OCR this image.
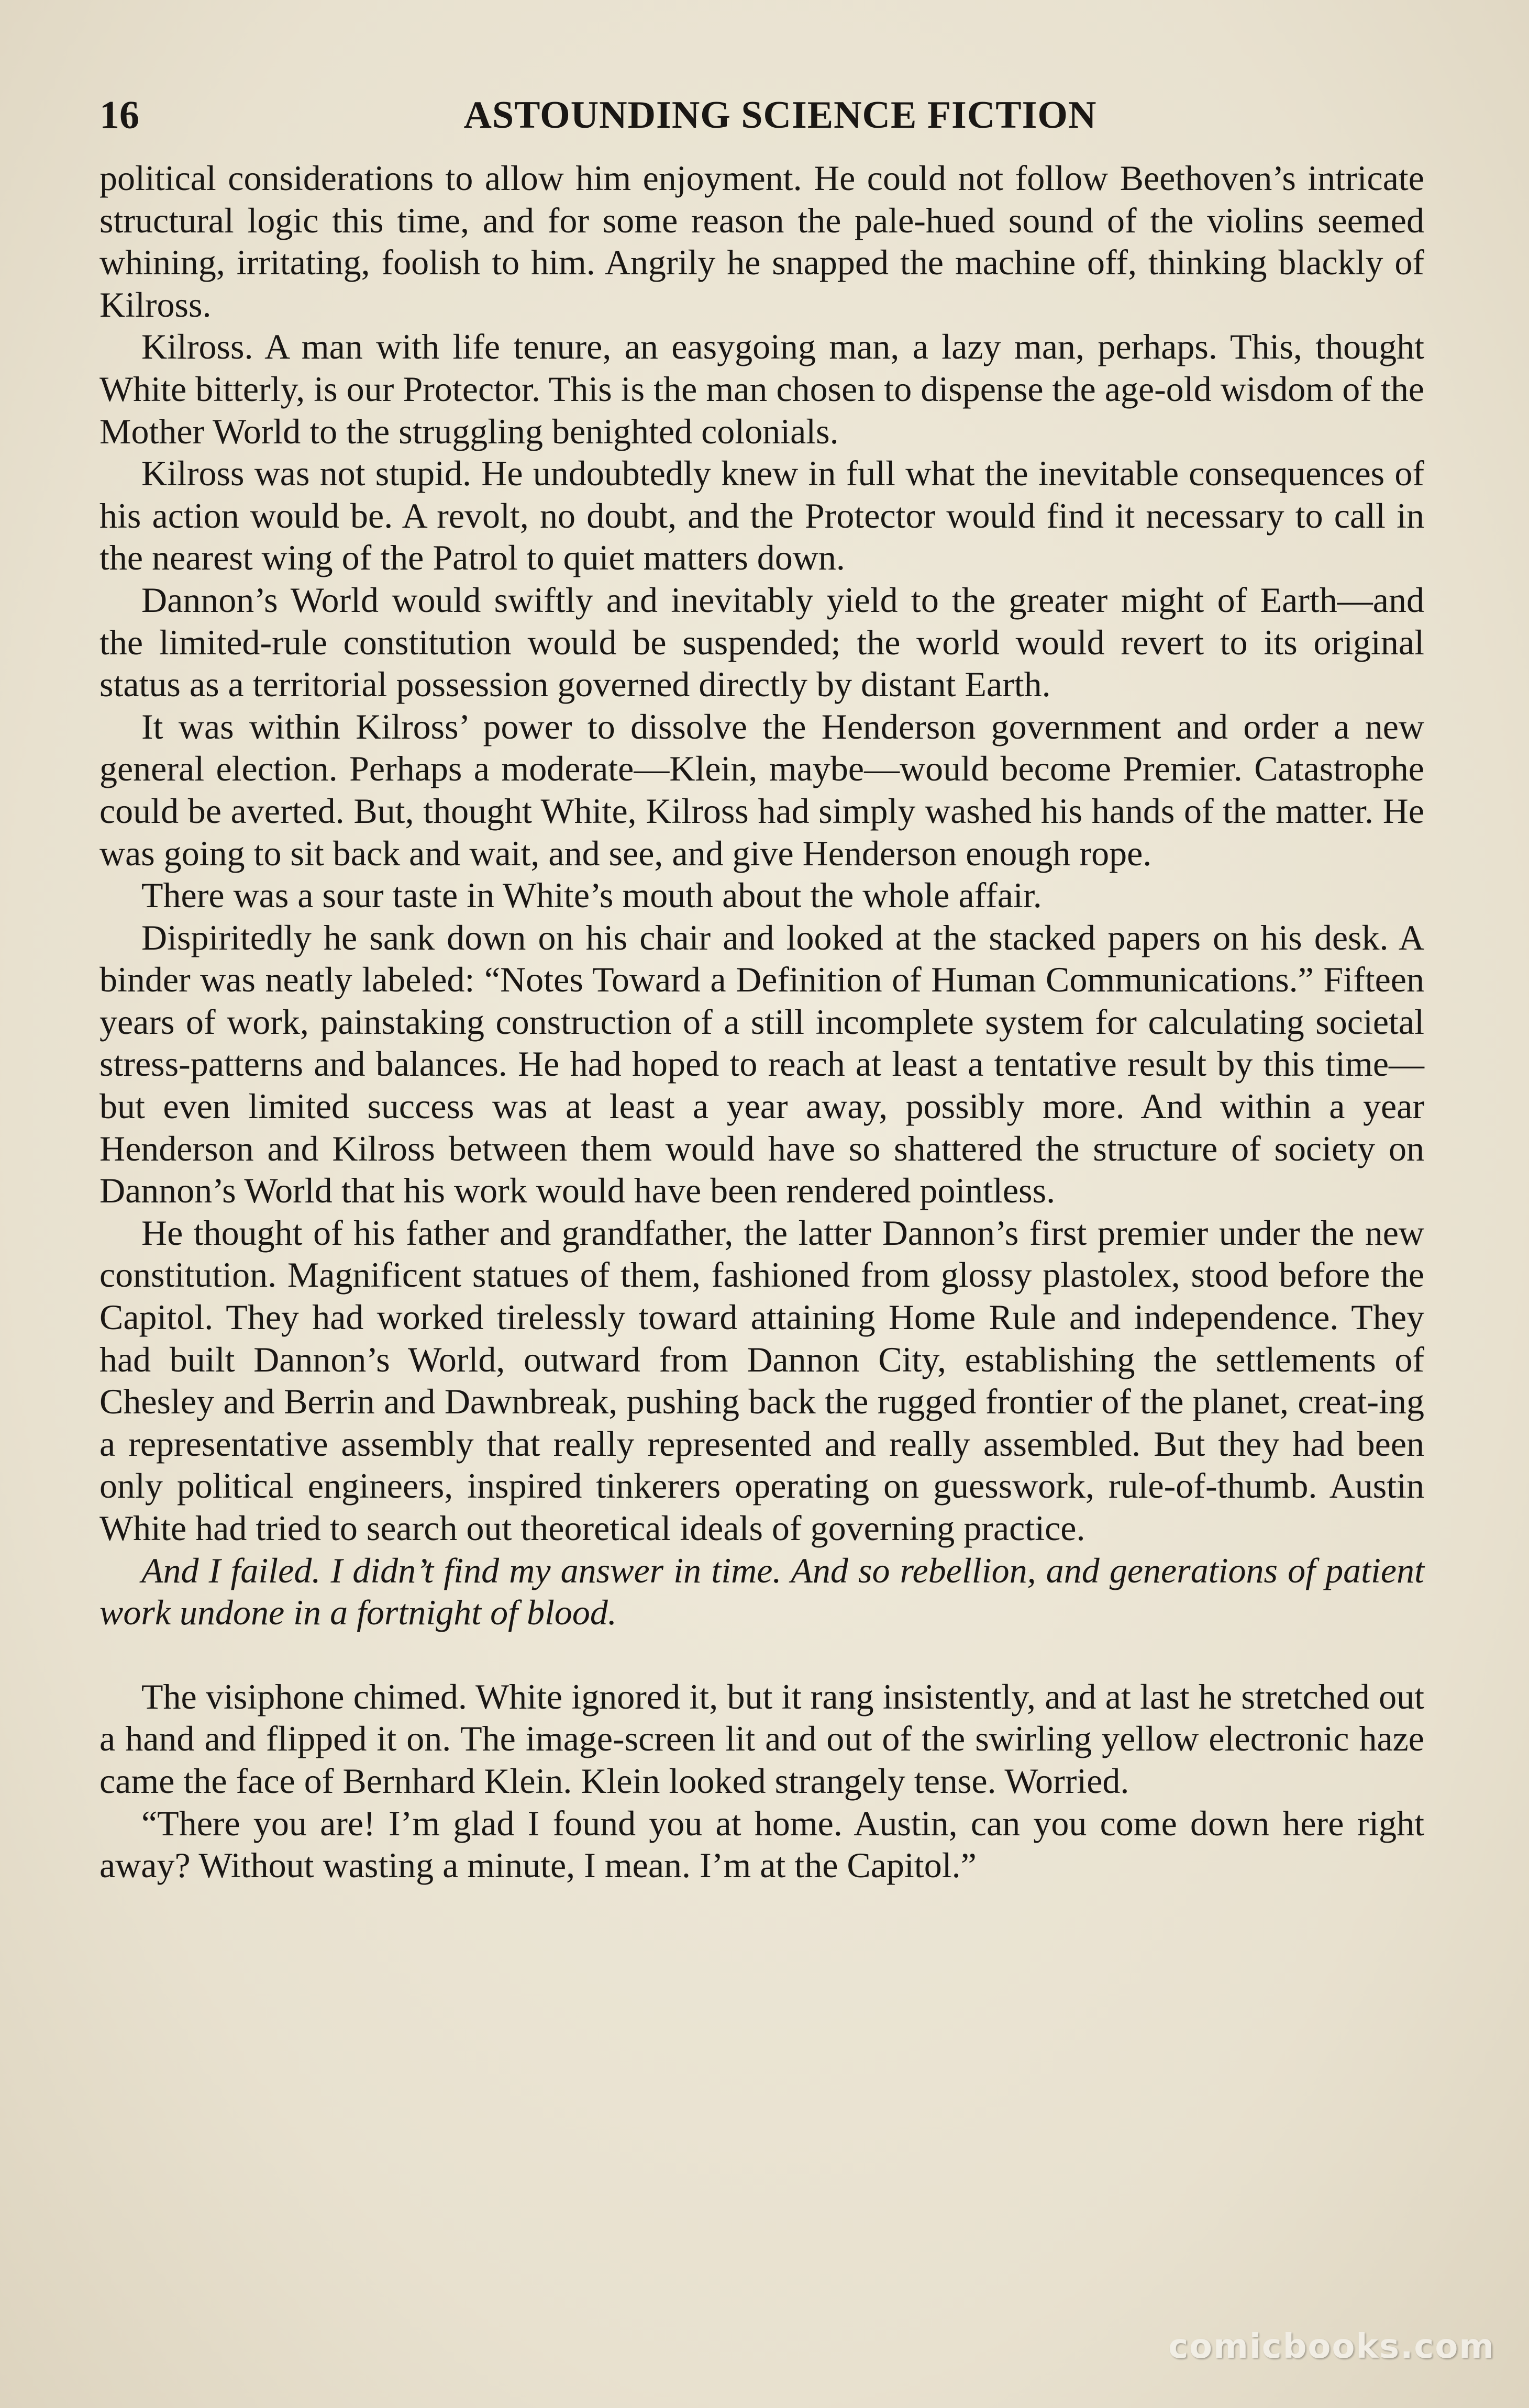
16	ASTOUNDING SCIENCE FICTION

political considerations to allow him enjoyment. He could not follow Beethoven’s intricate structural logic this time, and for some reason the pale-hued sound of the violins seemed whining, irritating, foolish to him. Angrily he snapped the machine off, thinking blackly of Kilross.

Kilross. A man with life tenure, an easygoing man, a lazy man, perhaps. This, thought White bitterly, is our Protector. This is the man chosen to dispense the age-old wisdom of the Mother World to the struggling benighted colonials.

Kilross was not stupid. He undoubtedly knew in full what the inevitable consequences of his action would be. A revolt, no doubt, and the Protector would find it necessary to call in the nearest wing of the Patrol to quiet matters down.

Dannon’s World would swiftly and inevitably yield to the greater might of Earth—and the limited-rule constitution would be suspended; the world would revert to its original status as a territorial possession governed directly by distant Earth.

It was within Kilross’ power to dissolve the Henderson government and order a new general election. Perhaps a moderate—Klein, maybe—would become Premier. Catastrophe could be averted. But, thought White, Kilross had simply washed his hands of the matter. He was going to sit back and wait, and see, and give Henderson enough rope.

There was a sour taste in White’s mouth about the whole affair.

Dispiritedly he sank down on his chair and looked at the stacked papers on his desk. A binder was neatly labeled: “Notes Toward a Definition of Human Communications.” Fifteen years of work, painstaking construction of a still incomplete system for calculating societal stress-patterns and balances. He had hoped to reach at least a tentative result by this time—but even limited success was at least a year away, possibly more. And within a year Henderson and Kilross between them would have so shattered the structure of society on Dannon’s World that his work would have been rendered pointless.

He thought of his father and grandfather, the latter Dannon’s first premier under the new constitution. Magnificent statues of them, fashioned from glossy plastolex, stood before the Capitol. They had worked tirelessly toward attaining Home Rule and independence. They had built Dannon’s World, outward from Dannon City, establishing the settlements of Chesley and Berrin and Dawnbreak, pushing back the rugged frontier of the planet, creat-ing a representative assembly that really represented and really assembled. But they had been only political engineers, inspired tinkerers operating on guesswork, rule-of-thumb. Austin White had tried to search out theoretical ideals of governing practice.

And I failed. I didn’t find my answer in time. And so rebellion, and generations of patient work undone in a fortnight of blood.

The visiphone chimed. White ignored it, but it rang insistently, and at last he stretched out a hand and flipped it on. The image-screen lit and out of the swirling yellow electronic haze came the face of Bernhard Klein. Klein looked strangely tense. Worried.

“There you are! I’m glad I found you at home. Austin, can you come down here right away? Without wasting a minute, I mean. I’m at the Capitol.”

comicbooks.com
